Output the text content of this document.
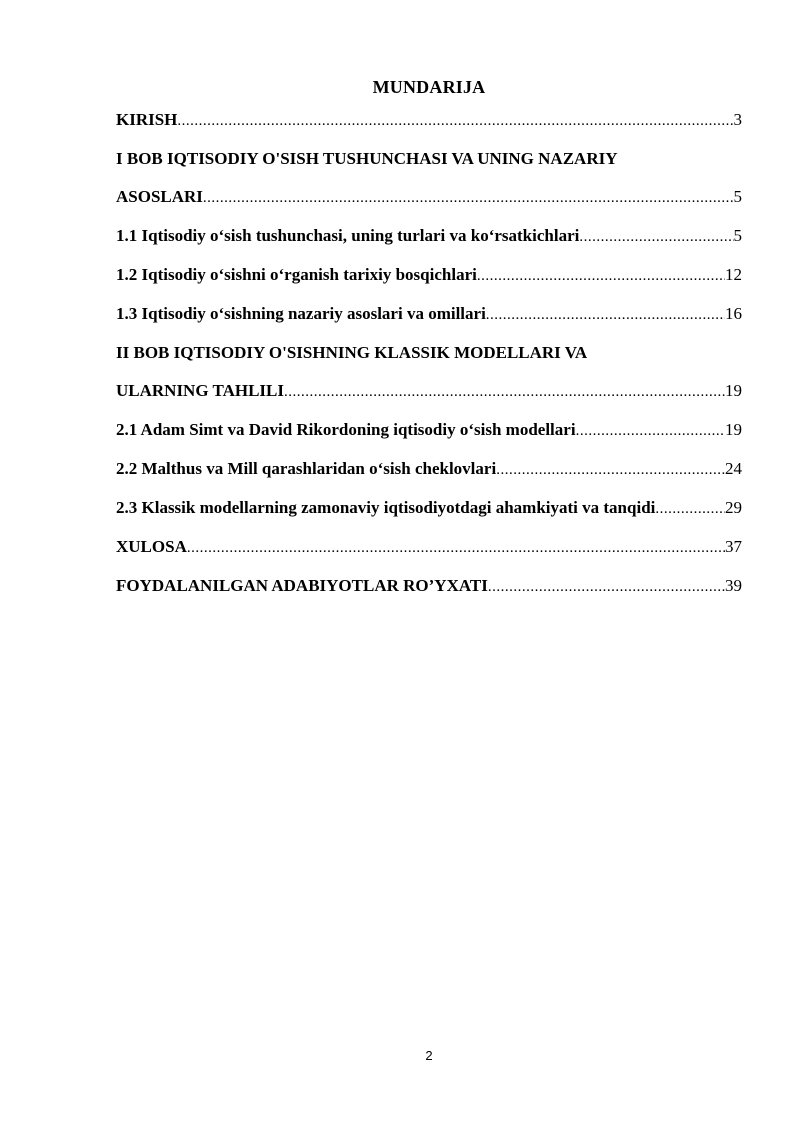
MUNDARIJA
KIRISH .....	3
I BOB IQTISODIY O'SISH TUSHUNCHASI VA UNING NAZARIY
ASOSLARI .....	5
1.1 Iqtisodiy o‘sish tushunchasi, uning turlari va ko‘rsatkichlari .....	5
1.2 Iqtisodiy o‘sishni o‘rganish tarixiy bosqichlari .....	12
1.3 Iqtisodiy o‘sishning nazariy asoslari va omillari .....	16
II BOB IQTISODIY O'SISHNING KLASSIK MODELLARI VA
ULARNING TAHLILI .....	19
2.1 Adam Simt va David Rikordoning iqtisodiy o‘sish modellari .....	19
2.2 Malthus va Mill qarashlaridan o‘sish cheklovlari .....	24
2.3 Klassik modellarning zamonaviy iqtisodiyotdagi ahamkiyati va tanqidi .....	29
XULOSA .....	37
FOYDALANILGAN ADABIYOTLAR RO’YXATI .....	39
2
